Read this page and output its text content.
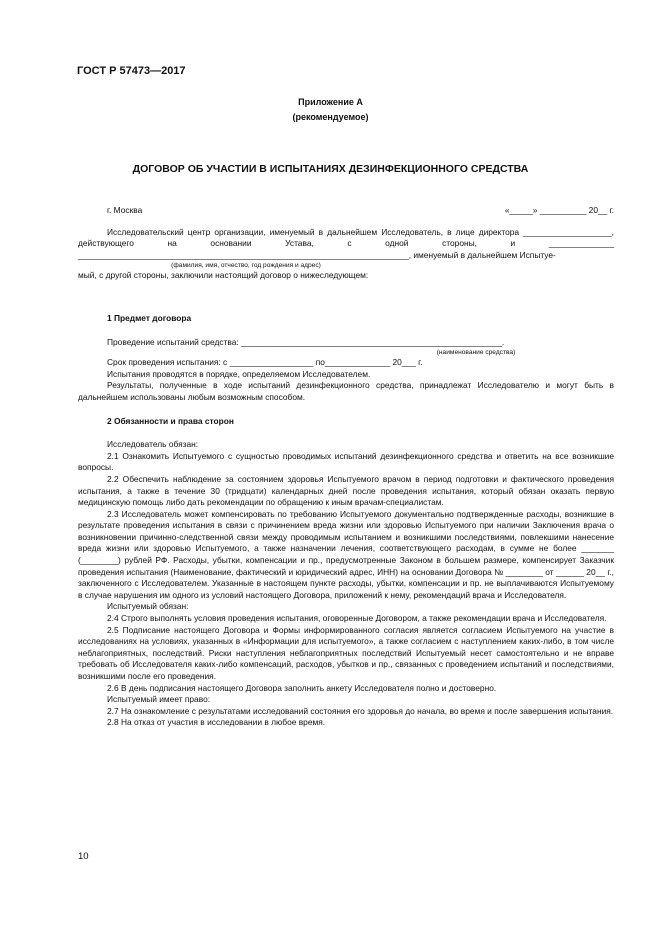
ГОСТ Р 57473—2017
Приложение А
(рекомендуемое)
ДОГОВОР ОБ УЧАСТИИ В ИСПЫТАНИЯХ ДЕЗИНФЕКЦИОННОГО СРЕДСТВА
г. Москва	«_____» __________ 20__ г.

Исследовательский центр организации, именуемый в дальнейшем Исследователь, в лице директора ___________________, действующего на основании Устава, с одной стороны, и ______________ _______________________________________________________________________, именуемый в дальнейшем Испытуе-

(фамилия, имя, отчество, год рождения и адрес)

мый, с другой стороны, заключили настоящий договор о нижеследующем:

1 Предмет договора

Проведение испытаний средства: ________________________________________________________.

(наименование средства)

Срок проведения испытания: с __________________ по______________ 20___ г.

Испытания проводятся в порядке, определяемом Исследователем.

Результаты, полученные в ходе испытаний дезинфекционного средства, принадлежат Исследователю и могут быть в дальнейшем использованы любым возможным способом.

2 Обязанности и права сторон

Исследователь обязан:

2.1 Ознакомить Испытуемого с сущностью проводимых испытаний дезинфекционного средства и ответить на все возникшие вопросы.

2.2 Обеспечить наблюдение за состоянием здоровья Испытуемого врачом в период подготовки и фактического проведения испытания, а также в течение 30 (тридцати) календарных дней после проведения испытания, который обязан оказать первую медицинскую помощь либо дать рекомендации по обращению к иным врачам-специалистам.

2.3 Исследователь может компенсировать по требованию Испытуемого документально подтвержденные расходы, возникшие в результате проведения испытания в связи с причинением вреда жизни или здоровью Испытуемого при наличии Заключения врача о возникновении причинно-следственной связи между проводимым испытанием и возникшими последствиями, повлекшими нанесение вреда жизни или здоровью Испытуемого, а также назначении лечения, соответствующего расходам, в сумме не более _______ (________) рублей РФ. Расходы, убытки, компенсации и пр., предусмотренные Законом в большем размере, компенсирует Заказчик проведения испытания (Наименование, фактический и юридический адрес, ИНН) на основании Договора № ________ от ______ 20__ г., заключенного с Исследователем. Указанные в настоящем пункте расходы, убытки, компенсации и пр. не выплачиваются Испытуемому в случае нарушения им одного из условий настоящего Договора, приложений к нему, рекомендаций врача и Исследователя.

Испытуемый обязан:

2.4 Строго выполнять условия проведения испытания, оговоренные Договором, а также рекомендации врача и Исследователя.

2.5 Подписание настоящего Договора и Формы информированного согласия является согласием Испытуемого на участие в исследованиях на условиях, указанных в «Информации для испытуемого», а также согласием с наступлением каких-либо, в том числе неблагоприятных, последствий. Риски наступления неблагоприятных последствий Испытуемый несет самостоятельно и не вправе требовать об Исследователя каких-либо компенсаций, расходов, убытков и пр., связанных с проведением испытаний и последствиями, возникшими после его проведения.

2.6 В день подписания настоящего Договора заполнить анкету Исследователя полно и достоверно.

Испытуемый имеет право:

2.7 На ознакомление с результатами исследований состояния его здоровья до начала, во время и после завершения испытания.

2.8 На отказ от участия в исследовании в любое время.

10
